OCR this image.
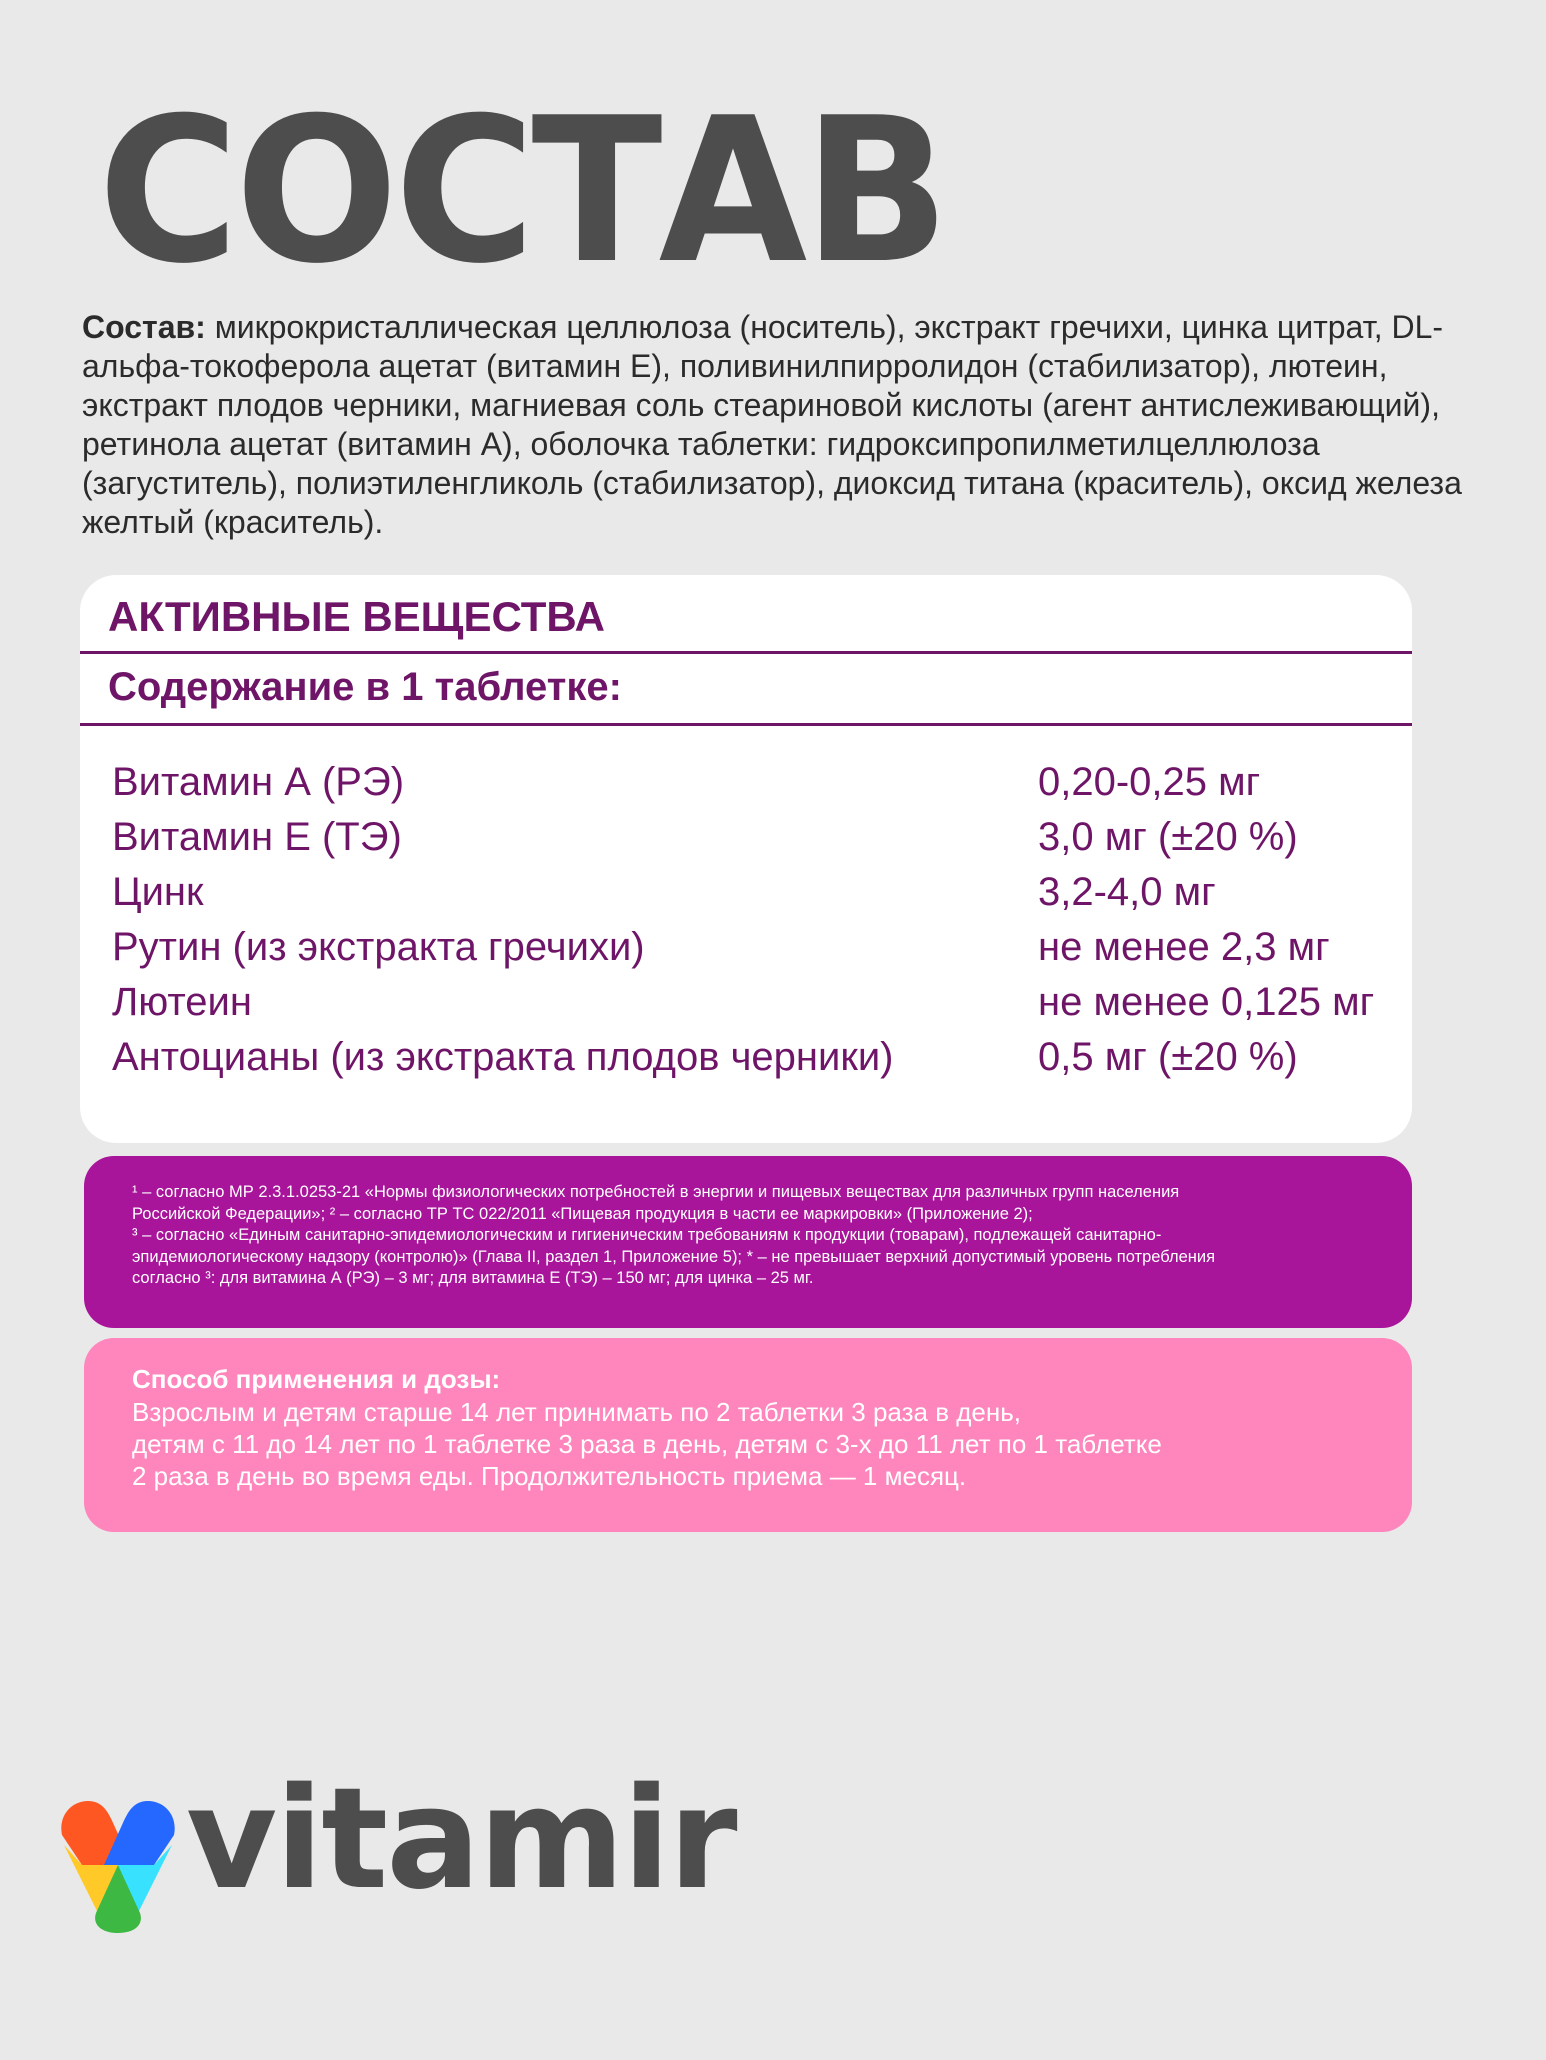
СОСТАВ
Состав: микрокристаллическая целлюлоза (носитель), экстракт гречихи, цинка цитрат, DL-альфа-токоферола ацетат (витамин Е), поливинилпирролидон (стабилизатор), лютеин, экстракт плодов черники, магниевая соль стеариновой кислоты (агент антислеживающий), ретинола ацетат (витамин А), оболочка таблетки: гидроксипропилметилцеллюлоза (загуститель), полиэтиленгликоль (стабилизатор), диоксид титана (краситель), оксид железа желтый (краситель).
АКТИВНЫЕ ВЕЩЕСТВА
Содержание в 1 таблетке:
Витамин А (РЭ)	0,20-0,25 мг
Витамин Е (ТЭ)	3,0 мг (±20 %)
Цинк	3,2-4,0 мг
Рутин (из экстракта гречихи)	не менее 2,3 мг
Лютеин	не менее 0,125 мг
Антоцианы (из экстракта плодов черники)	0,5 мг (±20 %)
¹ – согласно МР 2.3.1.0253-21 «Нормы физиологических потребностей в энергии и пищевых веществах для различных групп населения
Российской Федерации»; ² – согласно ТР ТС 022/2011 «Пищевая продукция в части ее маркировки» (Приложение 2);
³ – согласно «Единым санитарно-эпидемиологическим и гигиеническим требованиям к продукции (товарам), подлежащей санитарно-
эпидемиологическому надзору (контролю)» (Глава II, раздел 1, Приложение 5); * – не превышает верхний допустимый уровень потребления
согласно ³: для витамина А (РЭ) – 3 мг; для витамина Е (ТЭ) – 150 мг; для цинка – 25 мг.
Способ применения и дозы:
Взрослым и детям старше 14 лет принимать по 2 таблетки 3 раза в день,
детям с 11 до 14 лет по 1 таблетке 3 раза в день, детям с 3-х до 11 лет по 1 таблетке
2 раза в день во время еды. Продолжительность приема — 1 месяц.
vitamir
